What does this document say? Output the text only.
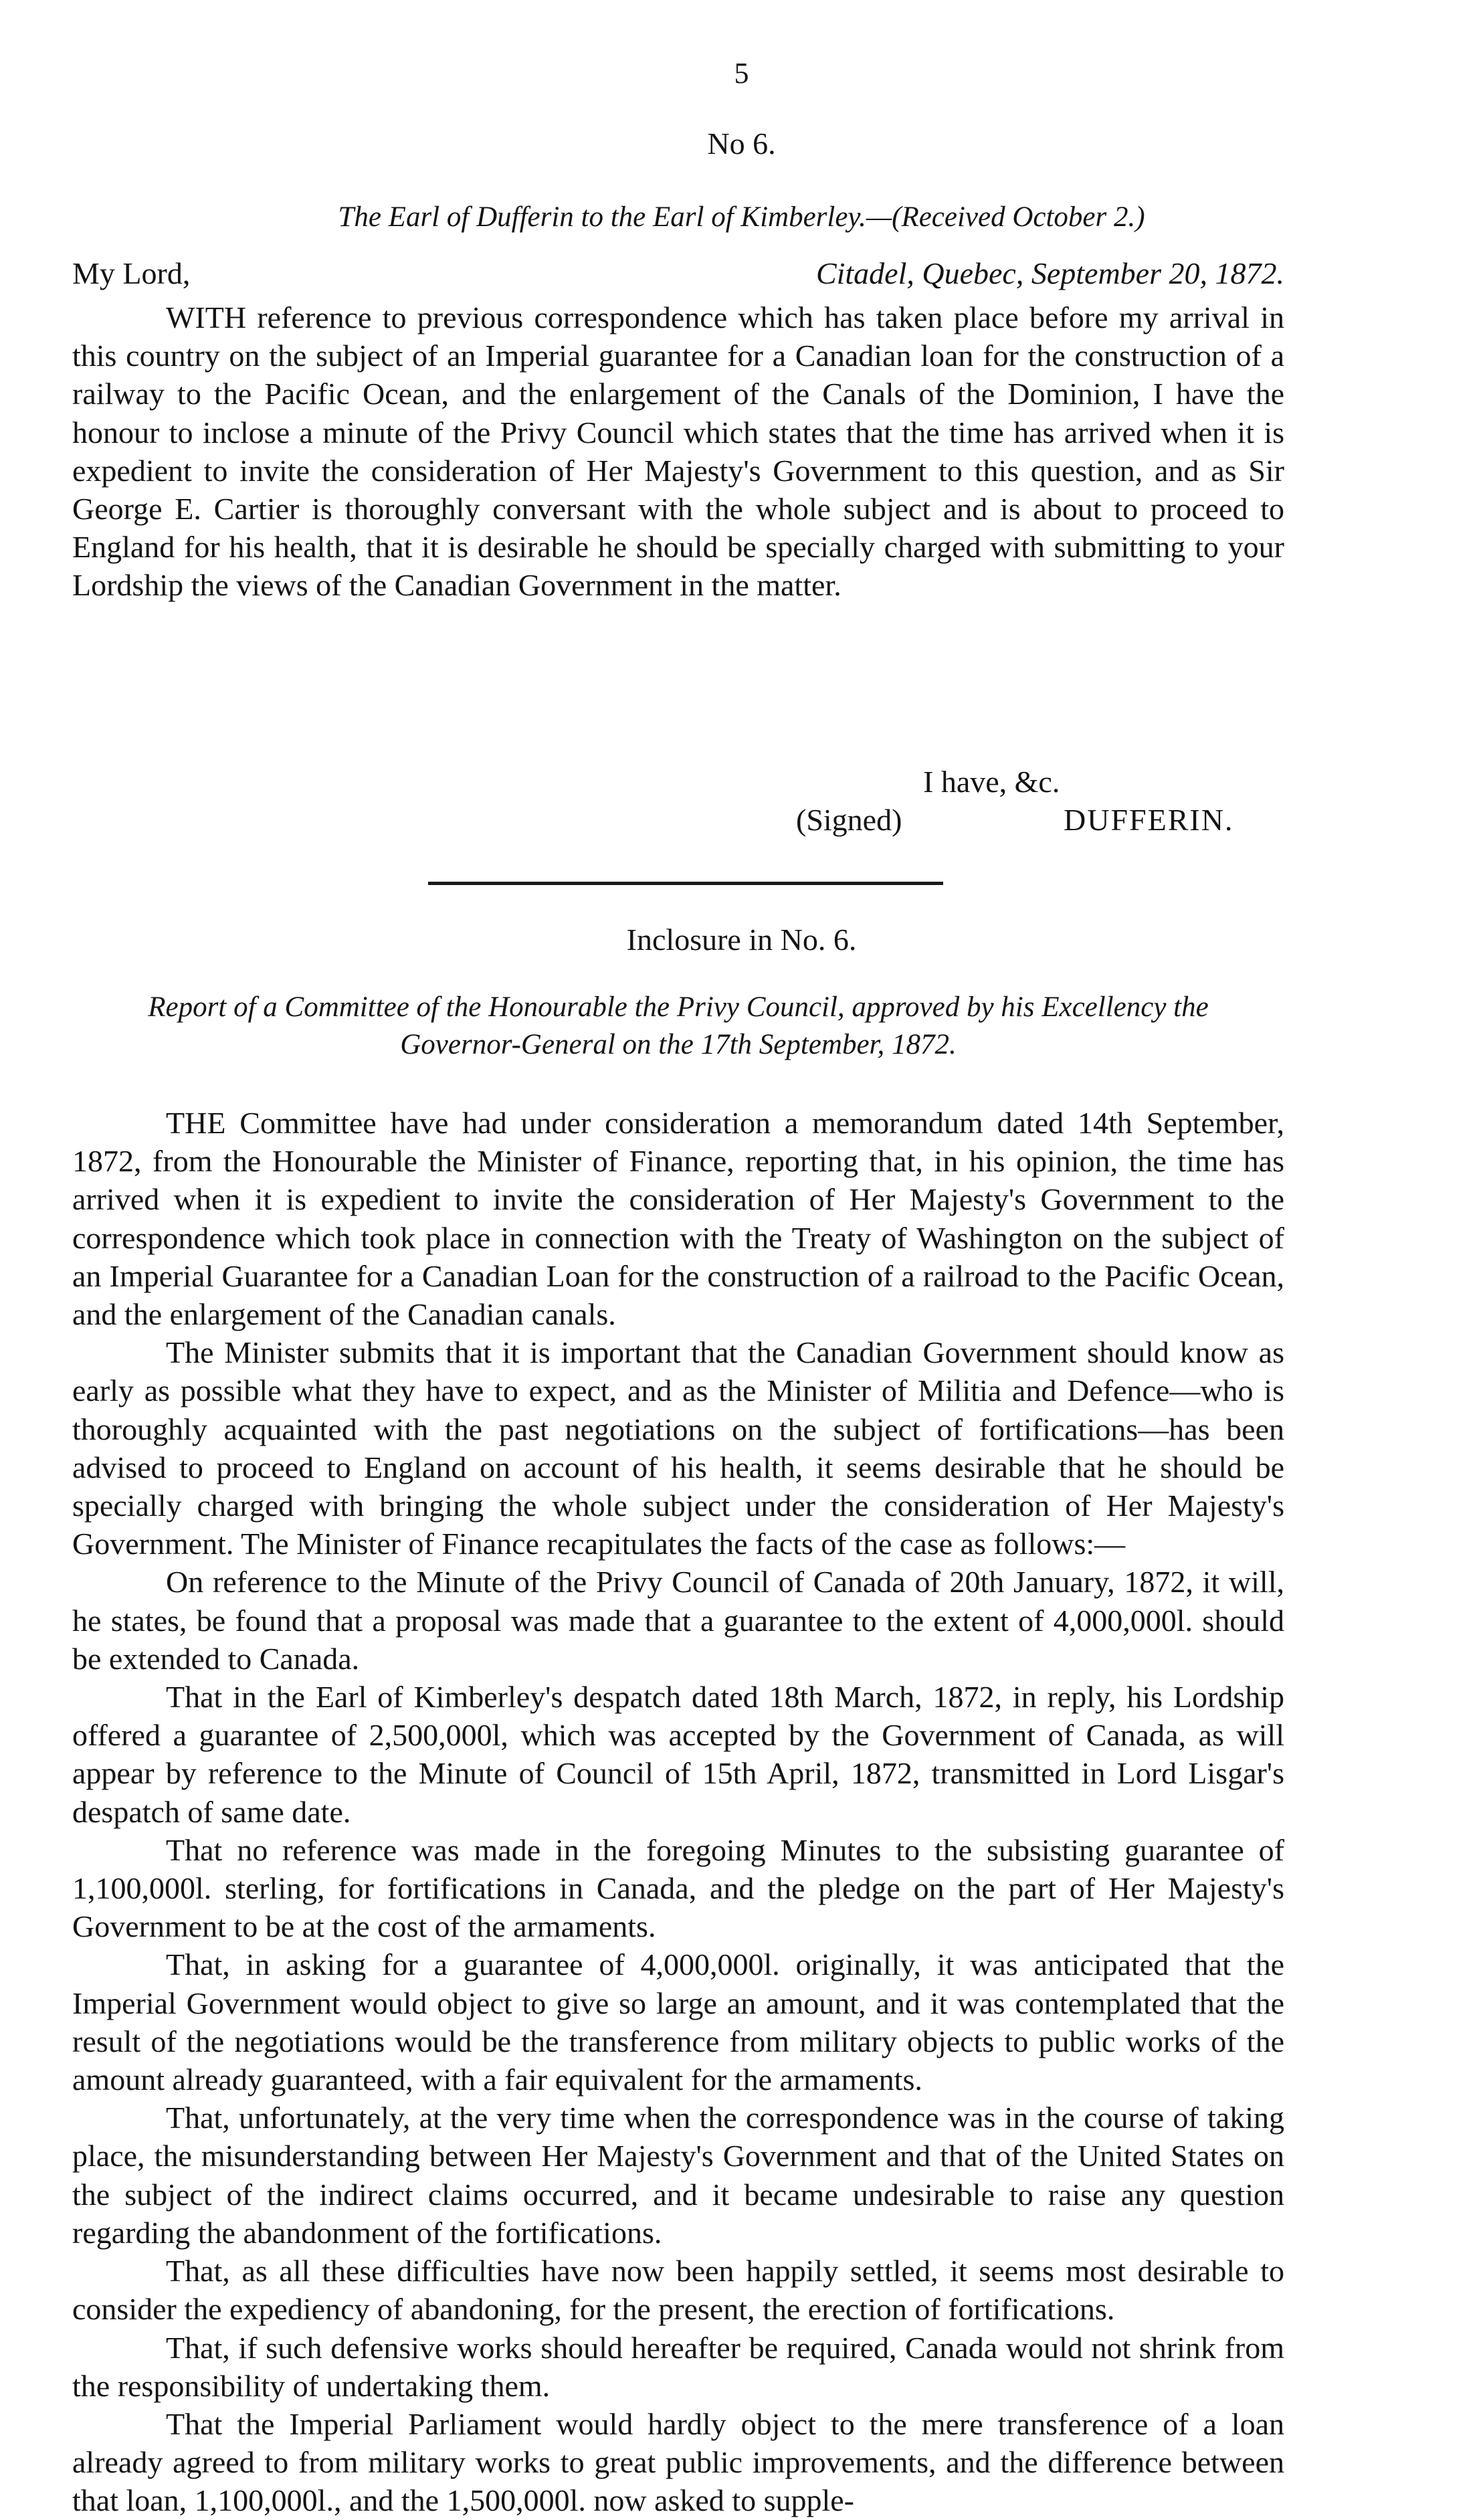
5
No 6.
The Earl of Dufferin to the Earl of Kimberley.—(Received October 2.)
My Lord,	Citadel, Quebec, September 20, 1872.

WITH reference to previous correspondence which has taken place before my arrival in this country on the subject of an Imperial guarantee for a Canadian loan for the construction of a railway to the Pacific Ocean, and the enlargement of the Canals of the Dominion, I have the honour to inclose a minute of the Privy Council which states that the time has arrived when it is expedient to invite the consideration of Her Majesty's Government to this question, and as Sir George E. Cartier is thoroughly conversant with the whole subject and is about to proceed to England for his health, that it is desirable he should be specially charged with submitting to your Lordship the views of the Canadian Government in the matter.

I have, &c.
(Signed)	DUFFERIN.
Inclosure in No. 6.
Report of a Committee of the Honourable the Privy Council, approved by his Excellency the
Governor-General on the 17th September, 1872.

THE Committee have had under consideration a memorandum dated 14th September, 1872, from the Honourable the Minister of Finance, reporting that, in his opinion, the time has arrived when it is expedient to invite the consideration of Her Majesty's Government to the correspondence which took place in connection with the Treaty of Washington on the subject of an Imperial Guarantee for a Canadian Loan for the construction of a railroad to the Pacific Ocean, and the enlargement of the Canadian canals.

The Minister submits that it is important that the Canadian Government should know as early as possible what they have to expect, and as the Minister of Militia and Defence—who is thoroughly acquainted with the past negotiations on the subject of fortifications—has been advised to proceed to England on account of his health, it seems desirable that he should be specially charged with bringing the whole subject under the consideration of Her Majesty's Government. The Minister of Finance recapitulates the facts of the case as follows:—

On reference to the Minute of the Privy Council of Canada of 20th January, 1872, it will, he states, be found that a proposal was made that a guarantee to the extent of 4,000,000l. should be extended to Canada.

That in the Earl of Kimberley's despatch dated 18th March, 1872, in reply, his Lordship offered a guarantee of 2,500,000l, which was accepted by the Government of Canada, as will appear by reference to the Minute of Council of 15th April, 1872, transmitted in Lord Lisgar's despatch of same date.

That no reference was made in the foregoing Minutes to the subsisting guarantee of 1,100,000l. sterling, for fortifications in Canada, and the pledge on the part of Her Majesty's Government to be at the cost of the armaments.

That, in asking for a guarantee of 4,000,000l. originally, it was anticipated that the Imperial Government would object to give so large an amount, and it was contemplated that the result of the negotiations would be the transference from military objects to public works of the amount already guaranteed, with a fair equivalent for the armaments.

That, unfortunately, at the very time when the correspondence was in the course of taking place, the misunderstanding between Her Majesty's Government and that of the United States on the subject of the indirect claims occurred, and it became undesirable to raise any question regarding the abandonment of the fortifications.

That, as all these difficulties have now been happily settled, it seems most desirable to consider the expediency of abandoning, for the present, the erection of fortifications.

That, if such defensive works should hereafter be required, Canada would not shrink from the responsibility of undertaking them.

That the Imperial Parliament would hardly object to the mere transference of a loan already agreed to from military works to great public improvements, and the difference between that loan, 1,100,000l., and the 1,500,000l. now asked to supple-
